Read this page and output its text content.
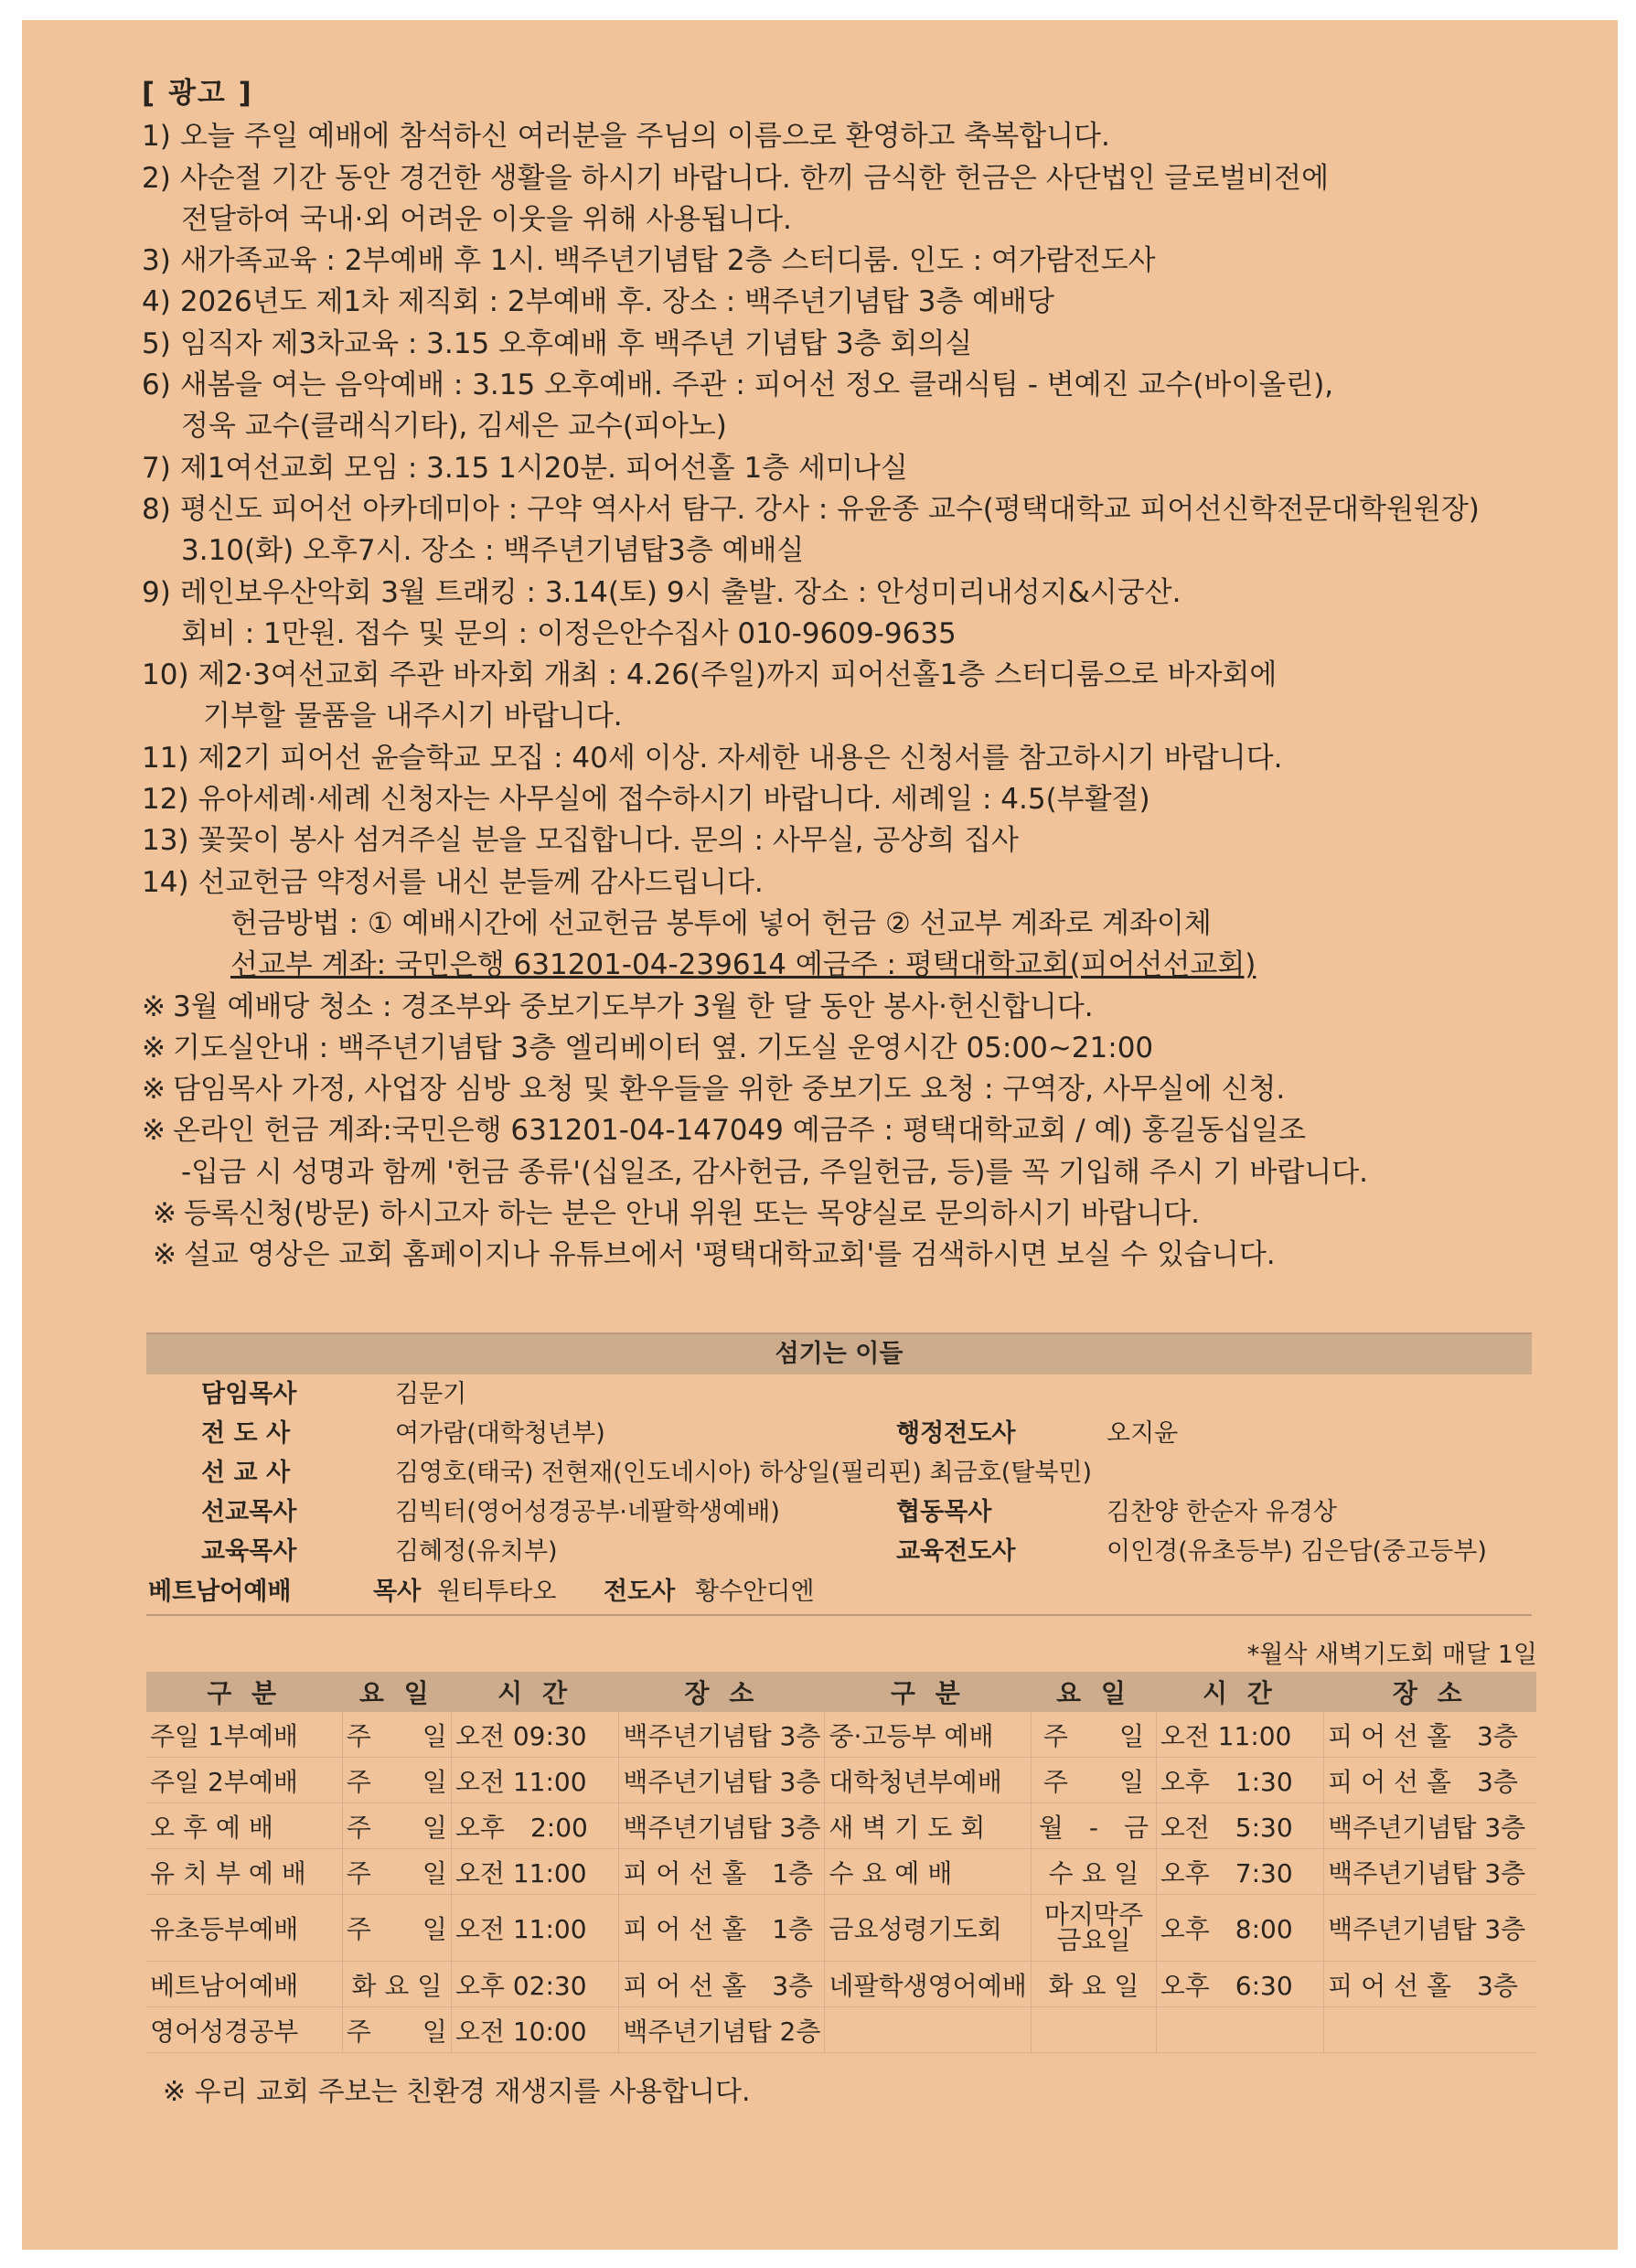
[ 광고 ]
1) 오늘 주일 예배에 참석하신 여러분을 주님의 이름으로 환영하고 축복합니다.
2) 사순절 기간 동안 경건한 생활을 하시기 바랍니다. 한끼 금식한 헌금은 사단법인 글로벌비전에
전달하여 국내·외 어려운 이웃을 위해 사용됩니다.
3) 새가족교육 : 2부예배 후 1시. 백주년기념탑 2층 스터디룸. 인도 : 여가람전도사
4) 2026년도 제1차 제직회 : 2부예배 후. 장소 : 백주년기념탑 3층 예배당
5) 임직자 제3차교육 : 3.15 오후예배 후 백주년 기념탑 3층 회의실
6) 새봄을 여는 음악예배 : 3.15 오후예배. 주관 : 피어선 정오 클래식팀 - 변예진 교수(바이올린),
정욱 교수(클래식기타), 김세은 교수(피아노)
7) 제1여선교회 모임 : 3.15 1시20분. 피어선홀 1층 세미나실
8) 평신도 피어선 아카데미아 : 구약 역사서 탐구. 강사 : 유윤종 교수(평택대학교 피어선신학전문대학원원장)
3.10(화) 오후7시. 장소 : 백주년기념탑3층 예배실
9) 레인보우산악회 3월 트래킹 : 3.14(토) 9시 출발. 장소 : 안성미리내성지&시궁산.
회비 : 1만원. 접수 및 문의 : 이정은안수집사 010-9609-9635
10) 제2·3여선교회 주관 바자회 개최 : 4.26(주일)까지 피어선홀1층 스터디룸으로 바자회에
기부할 물품을 내주시기 바랍니다.
11) 제2기 피어선 윤슬학교 모집 : 40세 이상. 자세한 내용은 신청서를 참고하시기 바랍니다.
12) 유아세례·세례 신청자는 사무실에 접수하시기 바랍니다. 세례일 : 4.5(부활절)
13) 꽃꽂이 봉사 섬겨주실 분을 모집합니다. 문의 : 사무실, 공상희 집사
14) 선교헌금 약정서를 내신 분들께 감사드립니다.
헌금방법 : ① 예배시간에 선교헌금 봉투에 넣어 헌금 ② 선교부 계좌로 계좌이체
선교부 계좌: 국민은행 631201-04-239614 예금주 : 평택대학교회(피어선선교회)
※ 3월 예배당 청소 : 경조부와 중보기도부가 3월 한 달 동안 봉사·헌신합니다.
※ 기도실안내 : 백주년기념탑 3층 엘리베이터 옆. 기도실 운영시간 05:00~21:00
※ 담임목사 가정, 사업장 심방 요청 및 환우들을 위한 중보기도 요청 : 구역장, 사무실에 신청.
※ 온라인 헌금 계좌:국민은행 631201-04-147049 예금주 : 평택대학교회 / 예) 홍길동십일조
-입금 시 성명과 함께 '헌금 종류'(십일조, 감사헌금, 주일헌금, 등)를 꼭 기입해 주시 기 바랍니다.
※ 등록신청(방문) 하시고자 하는 분은 안내 위원 또는 목양실로 문의하시기 바랍니다.
※ 설교 영상은 교회 홈페이지나 유튜브에서 '평택대학교회'를 검색하시면 보실 수 있습니다.
섬기는 이들
담임목사	김문기
전 도 사	여가람(대학청년부)	행정전도사	오지윤
선 교 사	김영호(태국) 전현재(인도네시아) 하상일(필리핀) 최금호(탈북민)
선교목사	김빅터(영어성경공부·네팔학생예배)	협동목사	김찬양 한순자 유경상
교육목사	김혜정(유치부)	교육전도사	이인경(유초등부) 김은담(중고등부)
베트남어예배	목사 원티투타오 전도사 황수안디엔
*월삭 새벽기도회 매달 1일
구 분	요 일	시 간	장 소	구 분	요 일	시 간	장 소
주일 1부예배	주　　일	오전 09:30	백주년기념탑 3층	중·고등부 예배	주　　일	오전 11:00	피 어 선 홀　3층
주일 2부예배	주　　일	오전 11:00	백주년기념탑 3층	대학청년부예배	주　　일	오후　1:30	피 어 선 홀　3층
오 후 예 배	주　　일	오후　2:00	백주년기념탑 3층	새 벽 기 도 회	월　-　금	오전　5:30	백주년기념탑 3층
유 치 부 예 배	주　　일	오전 11:00	피 어 선 홀　1층	수 요 예 배	수 요 일	오후　7:30	백주년기념탑 3층
유초등부예배	주　　일	오전 11:00	피 어 선 홀　1층	금요성령기도회	마지막주 금요일	오후　8:00	백주년기념탑 3층
베트남어예배	화 요 일	오후 02:30	피 어 선 홀　3층	네팔학생영어예배	화 요 일	오후　6:30	피 어 선 홀　3층
영어성경공부	주　　일	오전 10:00	백주년기념탑 2층				
※ 우리 교회 주보는 친환경 재생지를 사용합니다.
